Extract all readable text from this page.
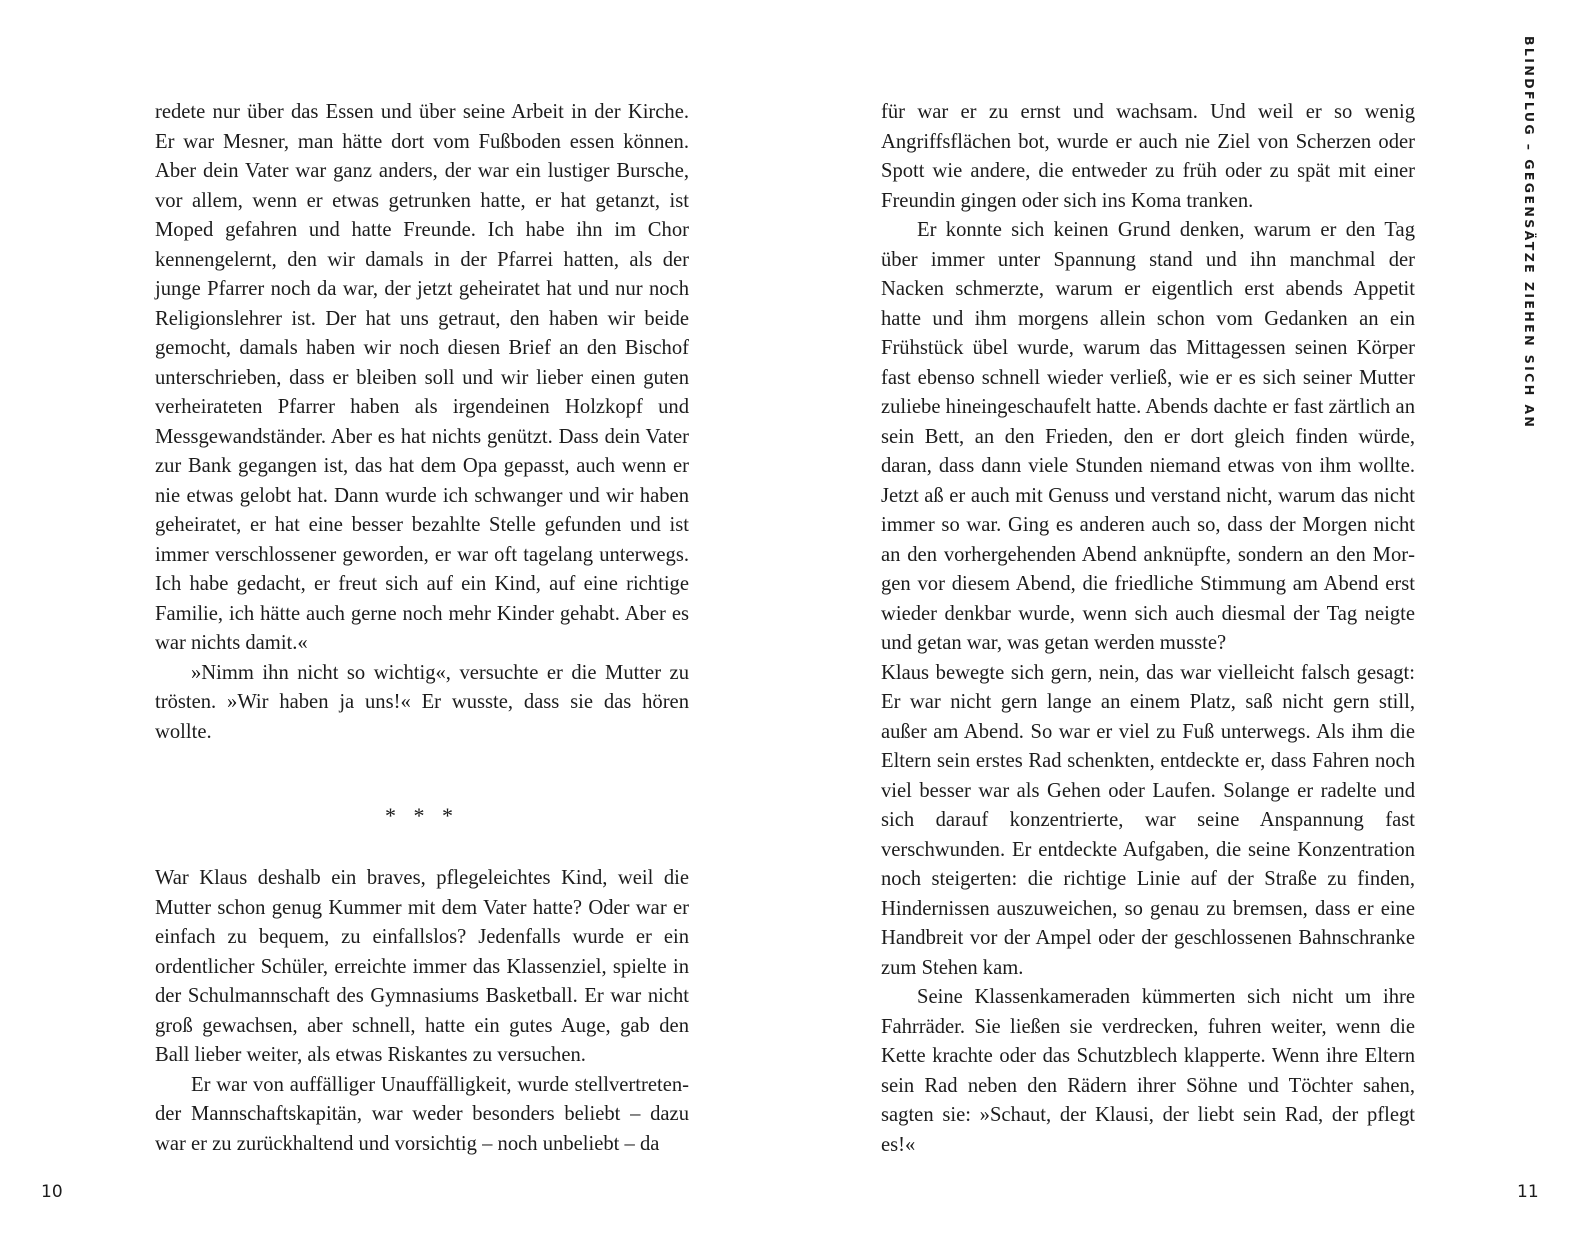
redete nur über das Essen und über seine Arbeit in der Kirche. Er war Mesner, man hätte dort vom Fußboden essen können. Aber dein Vater war ganz anders, der war ein lustiger Bursche, vor allem, wenn er etwas getrunken hatte, er hat getanzt, ist Moped gefahren und hatte Freunde. Ich habe ihn im Chor kennengelernt, den wir damals in der Pfarrei hatten, als der junge Pfarrer noch da war, der jetzt geheiratet hat und nur noch Religionslehrer ist. Der hat uns getraut, den haben wir beide gemocht, damals haben wir noch diesen Brief an den Bischof unterschrieben, dass er bleiben soll und wir lieber einen guten verheirateten Pfarrer haben als irgendeinen Holzkopf und Messgewandständer. Aber es hat nichts genützt. Dass dein Vater zur Bank gegangen ist, das hat dem Opa gepasst, auch wenn er nie etwas gelobt hat. Dann wurde ich schwanger und wir haben geheiratet, er hat eine besser bezahlte Stelle gefunden und ist immer verschlossener geworden, er war oft tagelang unterwegs. Ich habe gedacht, er freut sich auf ein Kind, auf eine richtige Familie, ich hätte auch gerne noch mehr Kinder gehabt. Aber es war nichts damit.«

»Nimm ihn nicht so wichtig«, versuchte er die Mutter zu trösten. »Wir haben ja uns!« Er wusste, dass sie das hören wollte.

* * *

War Klaus deshalb ein braves, pflegeleichtes Kind, weil die Mutter schon genug Kummer mit dem Vater hatte? Oder war er einfach zu bequem, zu einfallslos? Jedenfalls wurde er ein ordentlicher Schüler, erreichte immer das Klassenziel, spielte in der Schulmannschaft des Gymnasiums Basketball. Er war nicht groß gewachsen, aber schnell, hatte ein gutes Auge, gab den Ball lieber weiter, als etwas Riskantes zu versuchen.

Er war von auffälliger Unauffälligkeit, wurde stellvertretender Mannschaftskapitän, war weder besonders beliebt – dazu war er zu zurückhaltend und vorsichtig – noch unbeliebt – da

10

für war er zu ernst und wachsam. Und weil er so wenig Angriffsflächen bot, wurde er auch nie Ziel von Scherzen oder Spott wie andere, die entweder zu früh oder zu spät mit einer Freundin gingen oder sich ins Koma tranken.

Er konnte sich keinen Grund denken, warum er den Tag über immer unter Spannung stand und ihn manchmal der Nacken schmerzte, warum er eigentlich erst abends Appetit hatte und ihm morgens allein schon vom Gedanken an ein Frühstück übel wurde, warum das Mittagessen seinen Körper fast ebenso schnell wieder verließ, wie er es sich seiner Mutter zuliebe hineingeschaufelt hatte. Abends dachte er fast zärtlich an sein Bett, an den Frieden, den er dort gleich finden würde, daran, dass dann viele Stunden niemand etwas von ihm wollte. Jetzt aß er auch mit Genuss und verstand nicht, warum das nicht immer so war. Ging es anderen auch so, dass der Morgen nicht an den vorhergehenden Abend anknüpfte, sondern an den Morgen vor diesem Abend, die friedliche Stimmung am Abend erst wieder denkbar wurde, wenn sich auch diesmal der Tag neigte und getan war, was getan werden musste?

Klaus bewegte sich gern, nein, das war vielleicht falsch gesagt: Er war nicht gern lange an einem Platz, saß nicht gern still, außer am Abend. So war er viel zu Fuß unterwegs. Als ihm die Eltern sein erstes Rad schenkten, entdeckte er, dass Fahren noch viel besser war als Gehen oder Laufen. Solange er radelte und sich darauf konzentrierte, war seine Anspannung fast verschwunden. Er entdeckte Aufgaben, die seine Konzentration noch steigerten: die richtige Linie auf der Straße zu finden, Hindernissen auszuweichen, so genau zu bremsen, dass er eine Handbreit vor der Ampel oder der geschlossenen Bahnschranke zum Stehen kam.

Seine Klassenkameraden kümmerten sich nicht um ihre Fahrräder. Sie ließen sie verdrecken, fuhren weiter, wenn die Kette krachte oder das Schutzblech klapperte. Wenn ihre Eltern sein Rad neben den Rädern ihrer Söhne und Töchter sahen, sagten sie: »Schaut, der Klausi, der liebt sein Rad, der pflegt es!«

11
BLINDFLUG – GEGENSÄTZE ZIEHEN SICH AN
